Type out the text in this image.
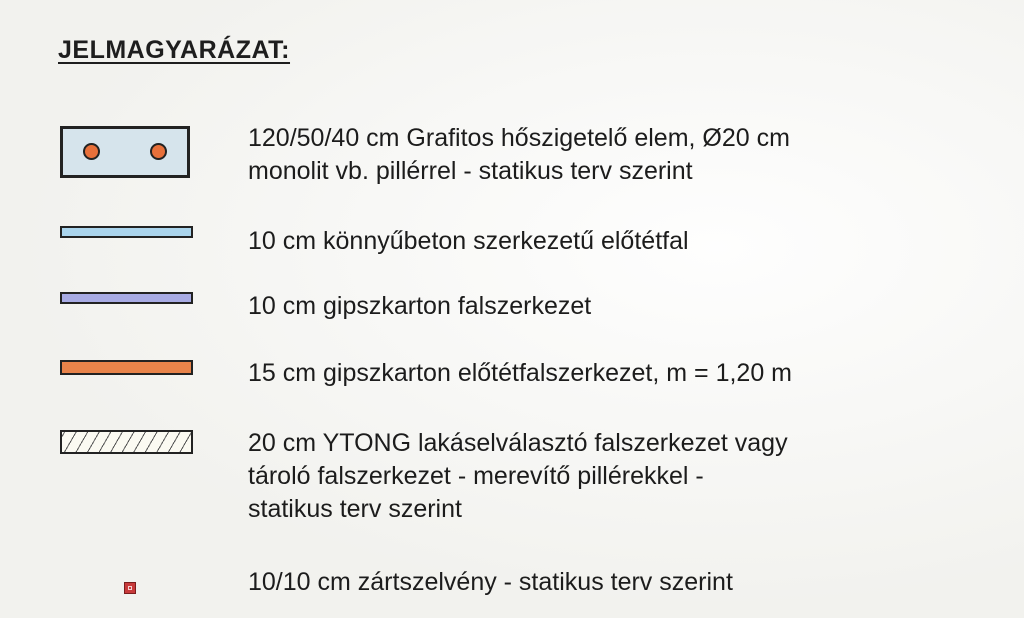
JELMAGYARÁZAT:
120/50/40 cm Grafitos hőszigetelő elem, Ø20 cm
monolit vb. pillérrel - statikus terv szerint
10 cm könnyűbeton szerkezetű előtétfal
10 cm gipszkarton falszerkezet
15 cm gipszkarton előtétfalszerkezet, m = 1,20 m
20 cm YTONG lakáselválasztó falszerkezet vagy
tároló falszerkezet - merevítő pillérekkel -
statikus terv szerint
10/10 cm zártszelvény - statikus terv szerint
